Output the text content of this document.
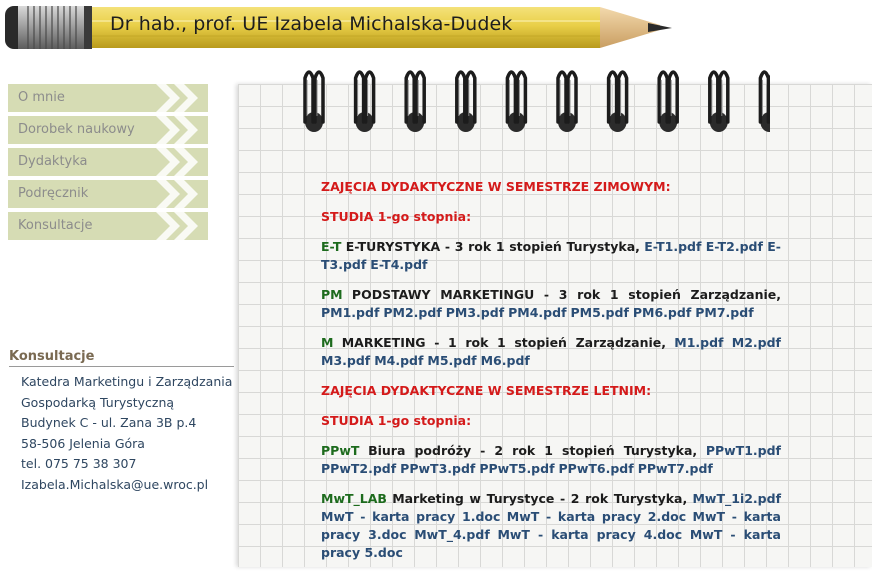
Dr hab., prof. UE Izabela Michalska-Dudek
O mnie
Dorobek naukowy
Dydaktyka
Podręcznik
Konsultacje
Konsultacje
Katedra Marketingu i Zarządzania
Gospodarką Turystyczną
Budynek C - ul. Zana 3B p.4
58-506 Jelenia Góra
tel. 075 75 38 307
Izabela.Michalska@ue.wroc.pl

ZAJĘCIA DYDAKTYCZNE W SEMESTRZE ZIMOWYM:

STUDIA 1-go stopnia:

E-T E-TURYSTYKA - 3 rok 1 stopień Turystyka, E-T1.pdf E-T2.pdf E-T3.pdf E-T4.pdf

PM PODSTAWY MARKETINGU - 3 rok 1 stopień Zarządzanie, PM1.pdf PM2.pdf PM3.pdf PM4.pdf PM5.pdf PM6.pdf PM7.pdf

M MARKETING - 1 rok 1 stopień Zarządzanie, M1.pdf M2.pdf M3.pdf M4.pdf M5.pdf M6.pdf

ZAJĘCIA DYDAKTYCZNE W SEMESTRZE LETNIM:

STUDIA 1-go stopnia:

PPwT Biura podróży - 2 rok 1 stopień Turystyka, PPwT1.pdf PPwT2.pdf PPwT3.pdf PPwT5.pdf PPwT6.pdf PPwT7.pdf

MwT_LAB Marketing w Turystyce - 2 rok Turystyka, MwT_1i2.pdf MwT - karta pracy 1.doc MwT - karta pracy 2.doc MwT - karta pracy 3.doc MwT_4.pdf MwT - karta pracy 4.doc MwT - karta pracy 5.doc
